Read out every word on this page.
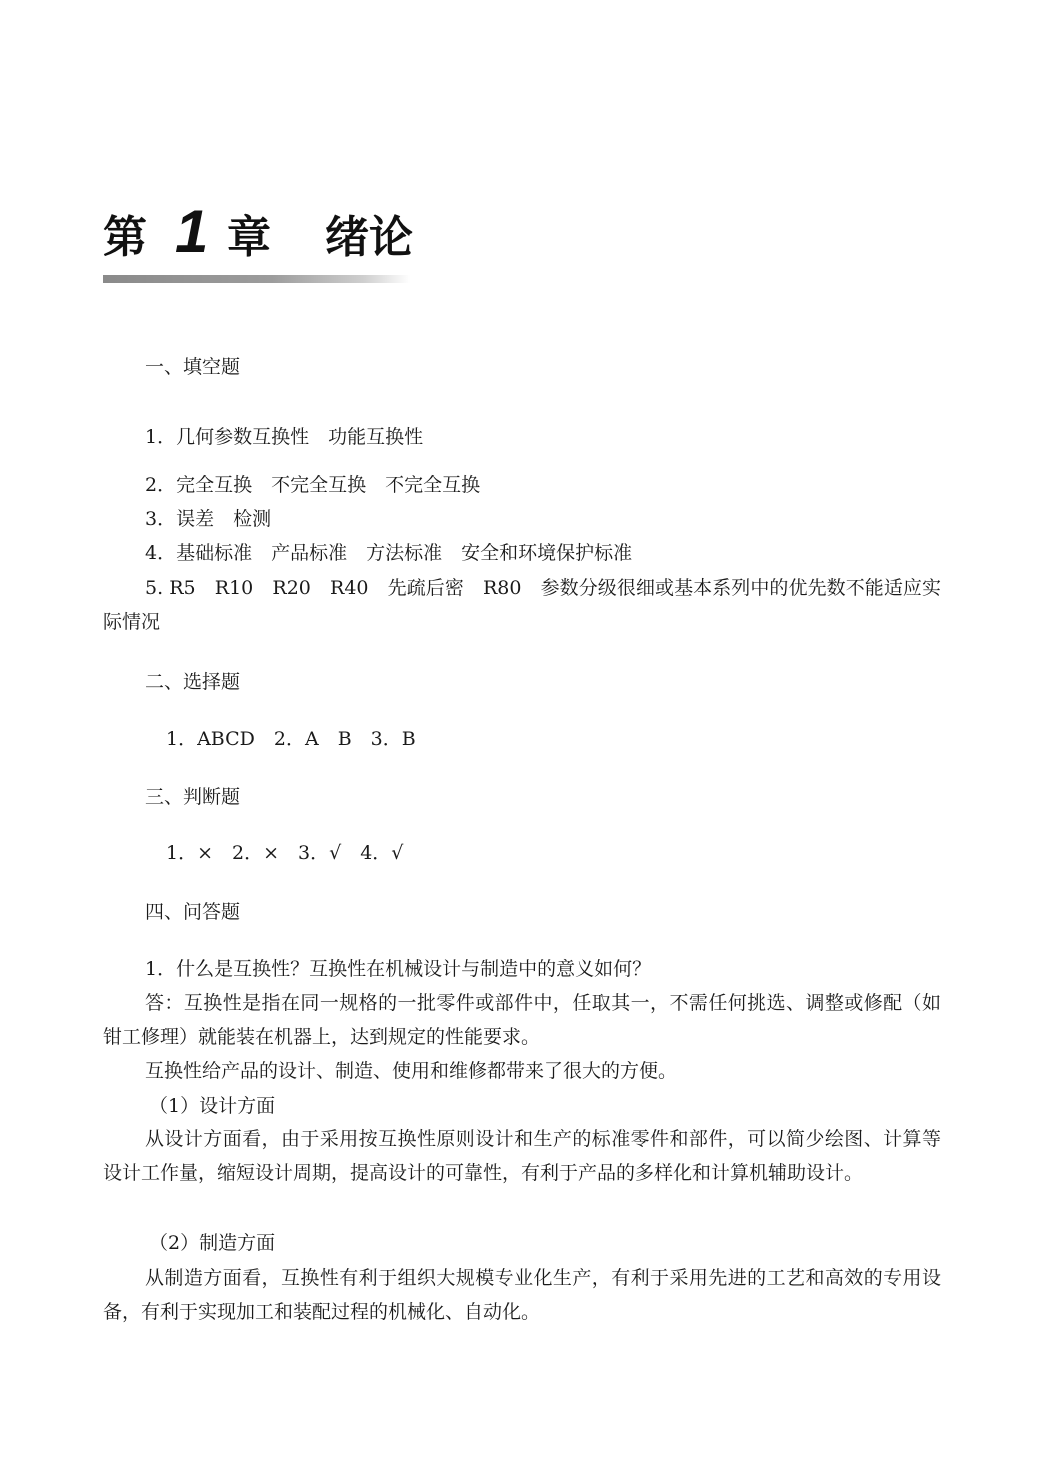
第 1 章 绪论
一、填空题
1．几何参数互换性　功能互换性
2．完全互换　不完全互换　不完全互换
3．误差　检测
4．基础标准　产品标准　方法标准　安全和环境保护标准
5. R5　R10　R20　R40　先疏后密　R80　参数分级很细或基本系列中的优先数不能适应实际情况
二、选择题
1．ABCD　2．A　B　3．B
三、判断题
1．×　2．×　3．√　4．√
四、问答题
1．什么是互换性？互换性在机械设计与制造中的意义如何？
答：互换性是指在同一规格的一批零件或部件中，任取其一，不需任何挑选、调整或修配（如钳工修理）就能装在机器上，达到规定的性能要求。
互换性给产品的设计、制造、使用和维修都带来了很大的方便。
（1）设计方面
从设计方面看，由于采用按互换性原则设计和生产的标准零件和部件，可以简少绘图、计算等设计工作量，缩短设计周期，提高设计的可靠性，有利于产品的多样化和计算机辅助设计。
（2）制造方面
从制造方面看，互换性有利于组织大规模专业化生产，有利于采用先进的工艺和高效的专用设备，有利于实现加工和装配过程的机械化、自动化。
